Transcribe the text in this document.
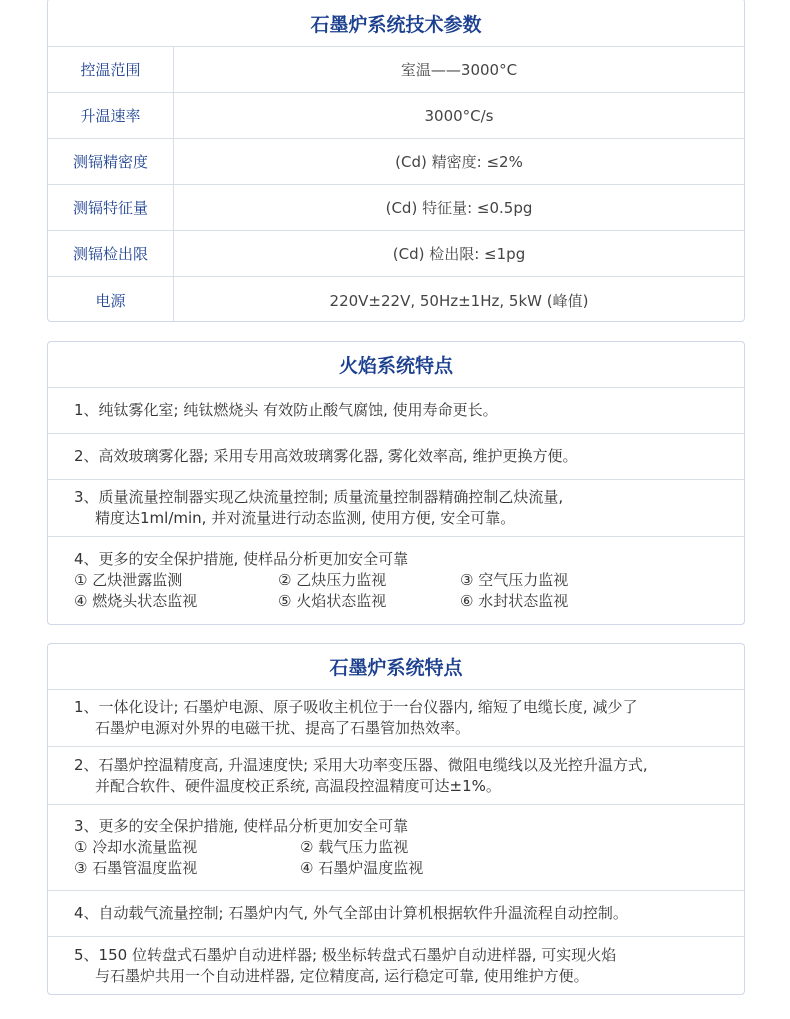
石墨炉系统技术参数
控温范围	室温——3000°C
升温速率	3000°C/s
测镉精密度	(Cd) 精密度: ≤2%
测镉特征量	(Cd) 特征量: ≤0.5pg
测镉检出限	(Cd) 检出限: ≤1pg
电源	220V±22V, 50Hz±1Hz, 5kW (峰值)
火焰系统特点
1、纯钛雾化室; 纯钛燃烧头 有效防止酸气腐蚀, 使用寿命更长。
2、高效玻璃雾化器; 采用专用高效玻璃雾化器, 雾化效率高, 维护更换方便。
3、质量流量控制器实现乙炔流量控制; 质量流量控制器精确控制乙炔流量,
精度达1ml/min, 并对流量进行动态监测, 使用方便, 安全可靠。
4、更多的安全保护措施, 使样品分析更加安全可靠
① 乙炔泄露监测	② 乙炔压力监视	③ 空气压力监视
④ 燃烧头状态监视	⑤ 火焰状态监视	⑥ 水封状态监视
石墨炉系统特点
1、一体化设计; 石墨炉电源、原子吸收主机位于一台仪器内, 缩短了电缆长度, 减少了
石墨炉电源对外界的电磁干扰、提高了石墨管加热效率。
2、石墨炉控温精度高, 升温速度快; 采用大功率变压器、微阻电缆线以及光控升温方式,
并配合软件、硬件温度校正系统, 高温段控温精度可达±1%。
3、更多的安全保护措施, 使样品分析更加安全可靠
① 冷却水流量监视	② 载气压力监视
③ 石墨管温度监视	④ 石墨炉温度监视
4、自动载气流量控制; 石墨炉内气, 外气全部由计算机根据软件升温流程自动控制。
5、150 位转盘式石墨炉自动进样器; 极坐标转盘式石墨炉自动进样器, 可实现火焰
与石墨炉共用一个自动进样器, 定位精度高, 运行稳定可靠, 使用维护方便。
